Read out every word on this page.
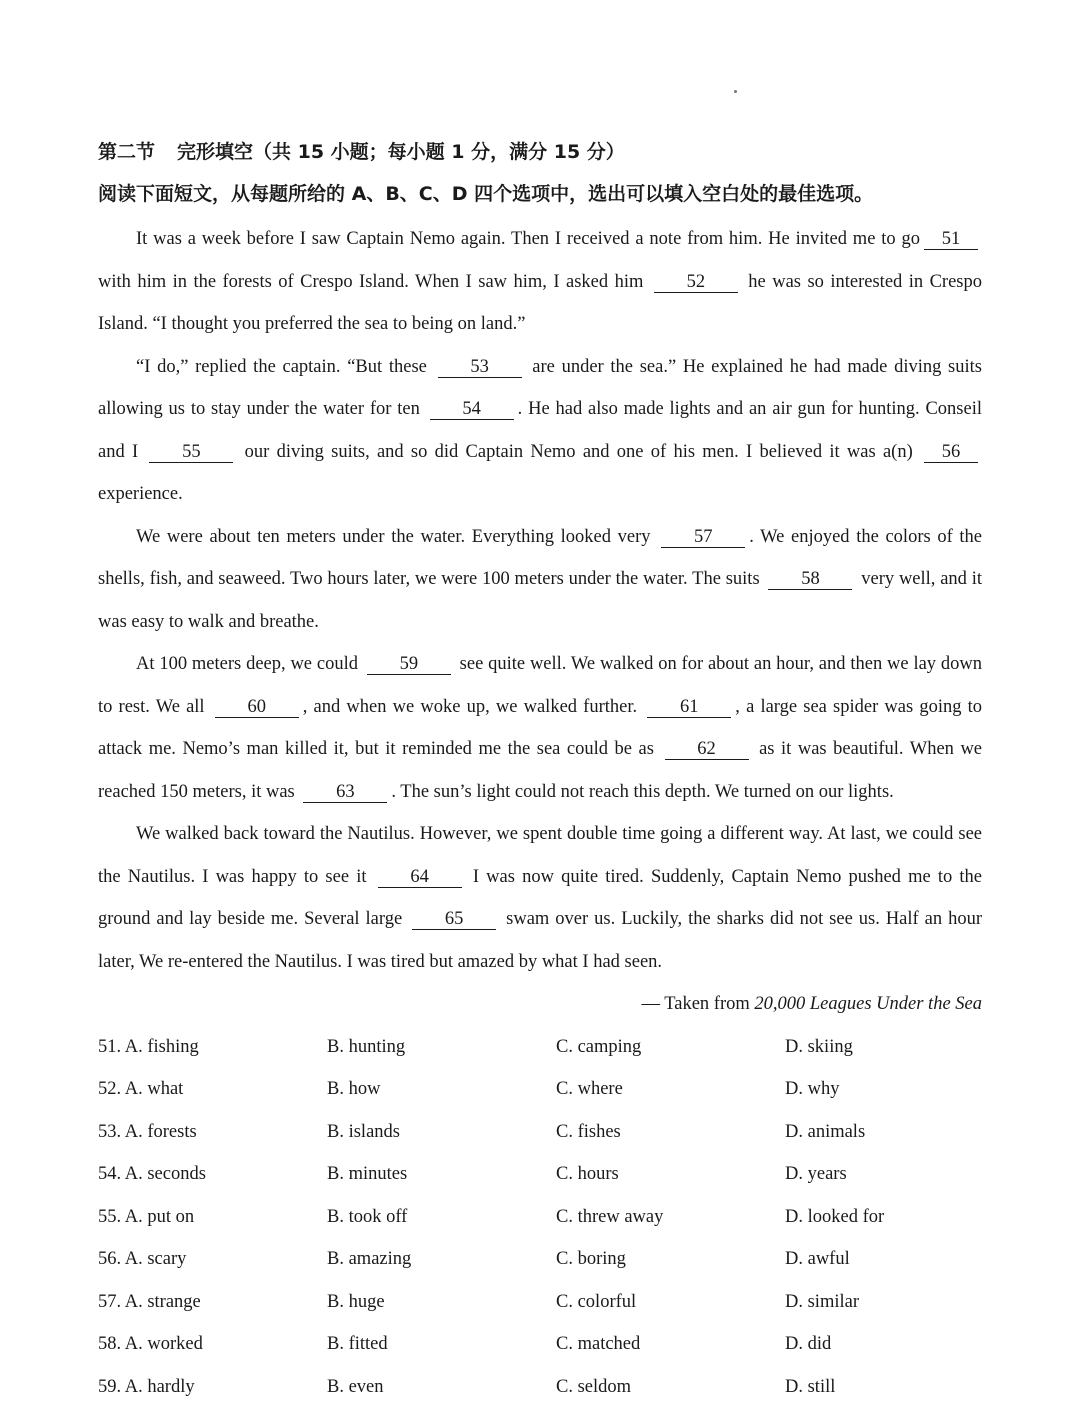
第二节 完形填空（共 15 小题；每小题 1 分，满分 15 分）
阅读下面短文，从每题所给的 A、B、C、D 四个选项中，选出可以填入空白处的最佳选项。

It was a week before I saw Captain Nemo again. Then I received a note from him. He invited me to go 51with him in the forests of Crespo Island. When I saw him, I asked him 52 he was so interested in Crespo Island. “I thought you preferred the sea to being on land.”

“I do,” replied the captain. “But these 53 are under the sea.” He explained he had made diving suits allowing us to stay under the water for ten 54 . He had also made lights and an air gun for hunting. Conseil and I 55 our diving suits, and so did Captain Nemo and one of his men. I believed it was a(n) 56 experience.

We were about ten meters under the water. Everything looked very 57 . We enjoyed the colors of the shells, fish, and seaweed. Two hours later, we were 100 meters under the water. The suits 58 very well, and it was easy to walk and breathe.

At 100 meters deep, we could 59 see quite well. We walked on for about an hour, and then we lay down to rest. We all 60 , and when we woke up, we walked further. 61 , a large sea spider was going to attack me. Nemo’s man killed it, but it reminded me the sea could be as 62 as it was beautiful. When we reached 150 meters, it was 63 . The sun’s light could not reach this depth. We turned on our lights.

We walked back toward the Nautilus. However, we spent double time going a different way. At last, we could see the Nautilus. I was happy to see it 64 I was now quite tired. Suddenly, Captain Nemo pushed me to the ground and lay beside me. Several large 65 swam over us. Luckily, the sharks did not see us. Half an hour later, We re-entered the Nautilus. I was tired but amazed by what I had seen.

— Taken from 20,000 Leagues Under the Sea
51. A. fishing	B. hunting	C. camping	D. skiing
52. A. what	B. how	C. where	D. why
53. A. forests	B. islands	C. fishes	D. animals
54. A. seconds	B. minutes	C. hours	D. years
55. A. put on	B. took off	C. threw away	D. looked for
56. A. scary	B. amazing	C. boring	D. awful
57. A. strange	B. huge	C. colorful	D. similar
58. A. worked	B. fitted	C. matched	D. did
59. A. hardly	B. even	C. seldom	D. still
